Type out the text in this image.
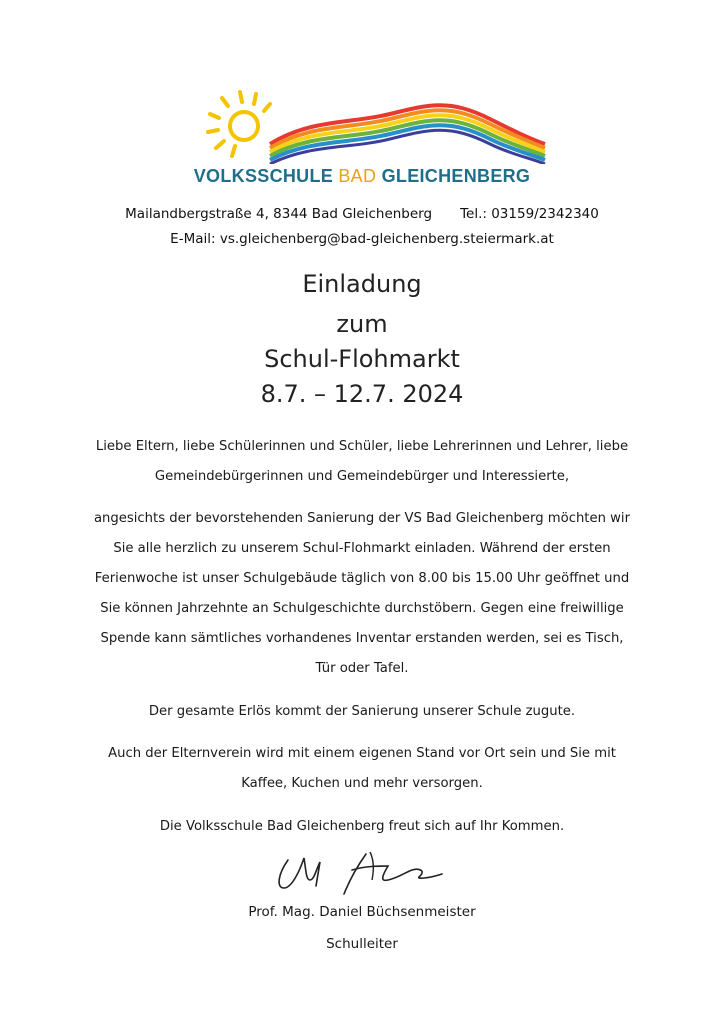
VOLKSSCHULE BAD GLEICHENBERG
Mailandbergstraße 4, 8344 Bad Gleichenberg Tel.: 03159/2342340
E-Mail: vs.gleichenberg@bad-gleichenberg.steiermark.at
Einladung
zum
Schul-Flohmarkt
8.7. – 12.7. 2024
Liebe Eltern, liebe Schülerinnen und Schüler, liebe Lehrerinnen und Lehrer, liebe
Gemeindebürgerinnen und Gemeindebürger und Interessierte,
angesichts der bevorstehenden Sanierung der VS Bad Gleichenberg möchten wir
Sie alle herzlich zu unserem Schul-Flohmarkt einladen. Während der ersten
Ferienwoche ist unser Schulgebäude täglich von 8.00 bis 15.00 Uhr geöffnet und
Sie können Jahrzehnte an Schulgeschichte durchstöbern. Gegen eine freiwillige
Spende kann sämtliches vorhandenes Inventar erstanden werden, sei es Tisch,
Tür oder Tafel.
Der gesamte Erlös kommt der Sanierung unserer Schule zugute.
Auch der Elternverein wird mit einem eigenen Stand vor Ort sein und Sie mit
Kaffee, Kuchen und mehr versorgen.
Die Volksschule Bad Gleichenberg freut sich auf Ihr Kommen.
Prof. Mag. Daniel Büchsenmeister
Schulleiter
